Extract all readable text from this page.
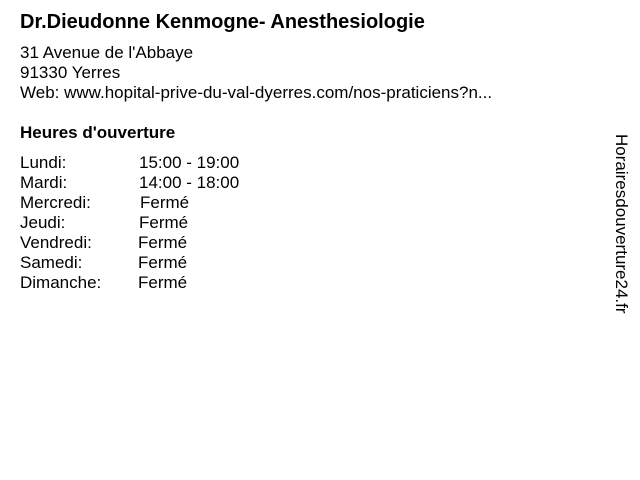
Dr.Dieudonne Kenmogne- Anesthesiologie
31 Avenue de l'Abbaye
91330 Yerres
Web: www.hopital-prive-du-val-dyerres.com/nos-praticiens?n...
Heures d'ouverture
Lundi:	15:00 - 19:00
Mardi:	14:00 - 18:00
Mercredi:	Fermé
Jeudi:	Fermé
Vendredi:	Fermé
Samedi:	Fermé
Dimanche: Fermé	Horairesdouverture24.fr
